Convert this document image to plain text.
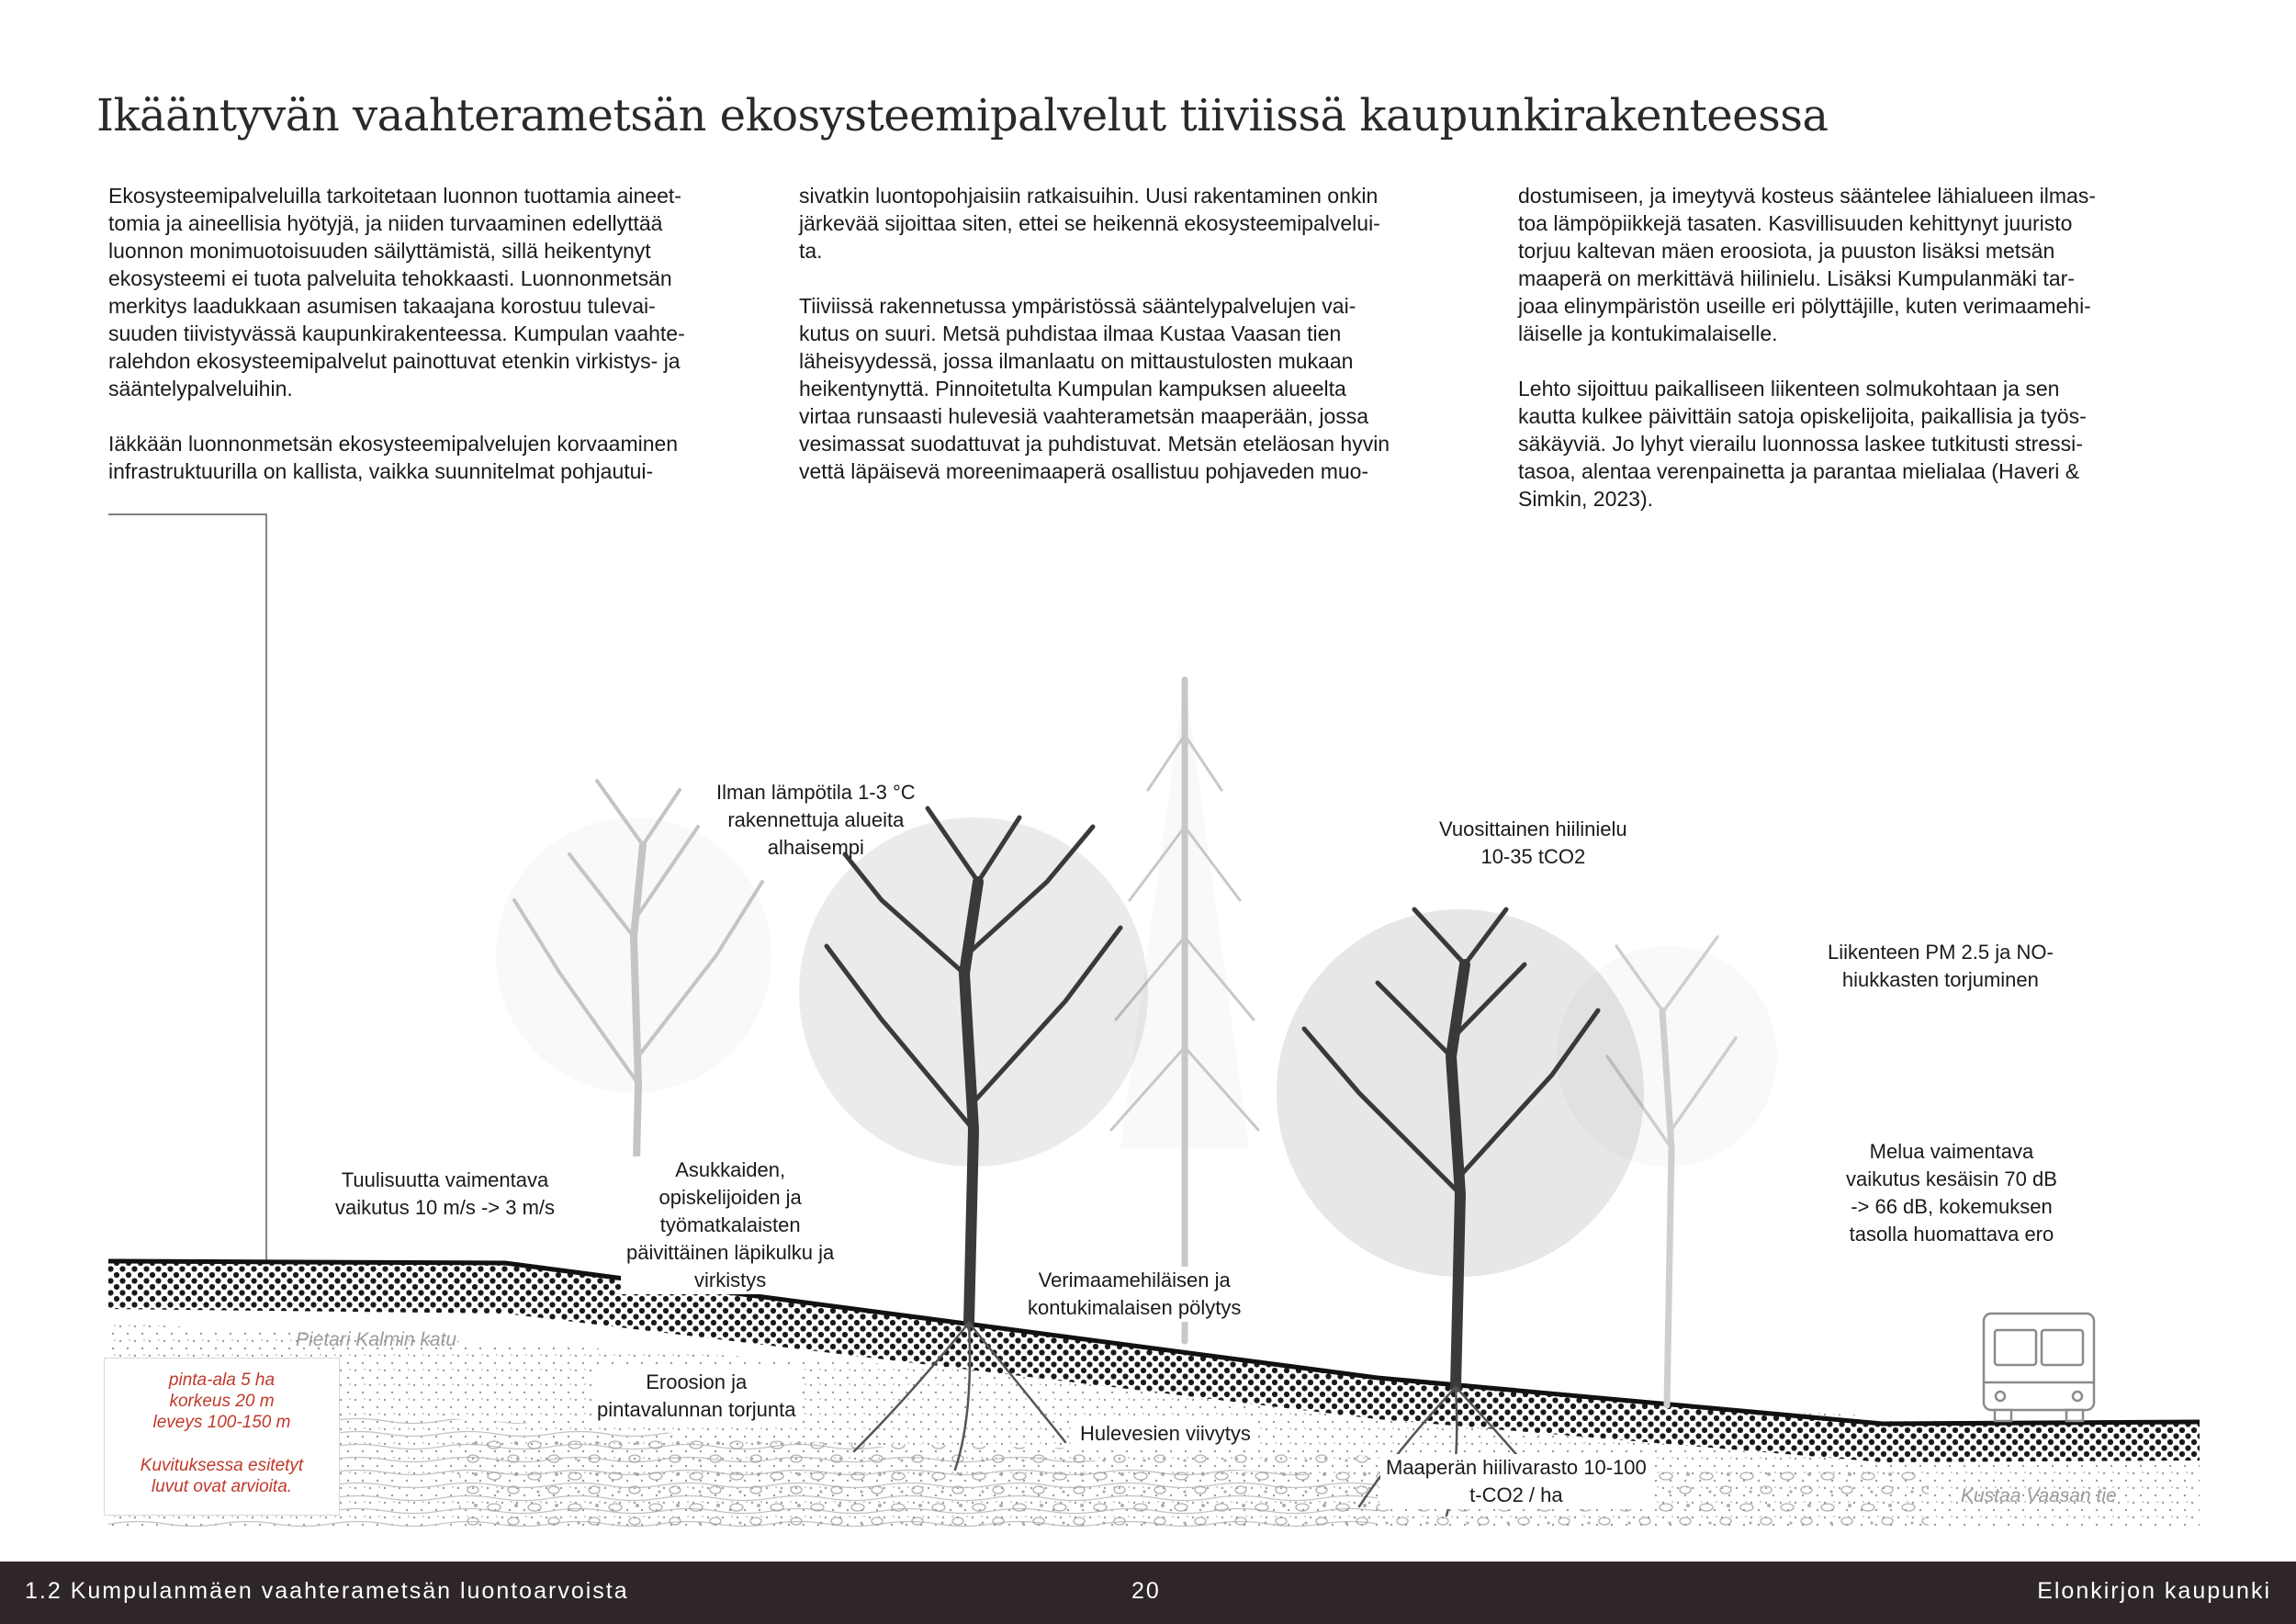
Ikääntyvän vaahterametsän ekosysteemipalvelut tiiviissä kaupunkirakenteessa

Ekosysteemipalveluilla tarkoitetaan luonnon tuottamia aineet-
tomia ja aineellisia hyötyjä, ja niiden turvaaminen edellyttää
luonnon monimuotoisuuden säilyttämistä, sillä heikentynyt
ekosysteemi ei tuota palveluita tehokkaasti. Luonnonmetsän
merkitys laadukkaan asumisen takaajana korostuu tulevai-
suuden tiivistyvässä kaupunkirakenteessa. Kumpulan vaahte-
ralehdon ekosysteemipalvelut painottuvat etenkin virkistys- ja
sääntelypalveluihin.

Iäkkään luonnonmetsän ekosysteemipalvelujen korvaaminen
infrastruktuurilla on kallista, vaikka suunnitelmat pohjautui-

sivatkin luontopohjaisiin ratkaisuihin. Uusi rakentaminen onkin
järkevää sijoittaa siten, ettei se heikennä ekosysteemipalvelui-
ta.

Tiiviissä rakennetussa ympäristössä sääntelypalvelujen vai-
kutus on suuri. Metsä puhdistaa ilmaa Kustaa Vaasan tien
läheisyydessä, jossa ilmanlaatu on mittaustulosten mukaan
heikentynyttä. Pinnoitetulta Kumpulan kampuksen alueelta
virtaa runsaasti hulevesiä vaahterametsän maaperään, jossa
vesimassat suodattuvat ja puhdistuvat. Metsän eteläosan hyvin
vettä läpäisevä moreenimaaperä osallistuu pohjaveden muo-

dostumiseen, ja imeytyvä kosteus sääntelee lähialueen ilmas-
toa lämpöpiikkejä tasaten. Kasvillisuuden kehittynyt juuristo
torjuu kaltevan mäen eroosiota, ja puuston lisäksi metsän
maaperä on merkittävä hiilinielu. Lisäksi Kumpulanmäki tar-
joaa elinympäristön useille eri pölyttäjille, kuten verimaamehi-
läiselle ja kontukimalaiselle.

Lehto sijoittuu paikalliseen liikenteen solmukohtaan ja sen
kautta kulkee päivittäin satoja opiskelijoita, paikallisia ja työs-
säkäyviä. Jo lyhyt vierailu luonnossa laskee tutkitusti stressi-
tasoa, alentaa verenpainetta ja parantaa mielialaa (Haveri &
Simkin, 2023).

Ilman lämpötila 1-3 °C
rakennettuja alueita
alhaisempi
Vuosittainen hiilinielu
10-35 tCO2
Liikenteen PM 2.5 ja NO-
hiukkasten torjuminen
Melua vaimentava
vaikutus kesäisin 70 dB
-> 66 dB, kokemuksen
tasolla huomattava ero
Tuulisuutta vaimentava
vaikutus 10 m/s -> 3 m/s
Asukkaiden,
opiskelijoiden ja
työmatkalaisten
päivittäinen läpikulku ja
virkistys	Verimaamehiläisen ja
kontukimalaisen pölytys
Eroosion ja
pintavalunnan torjunta
Hulevesien viivytys
Maaperän hiilivarasto 10-100
t-CO2 / ha
Pietari Kalmin katu
Kustaa Vaasan tie
pinta-ala 5 ha
korkeus 20 m
leveys 100-150 m
Kuvituksessa esitetyt
luvut ovat arvioita.
1.2 Kumpulanmäen vaahterametsän luontoarvoista	20	Elonkirjon kaupunki
